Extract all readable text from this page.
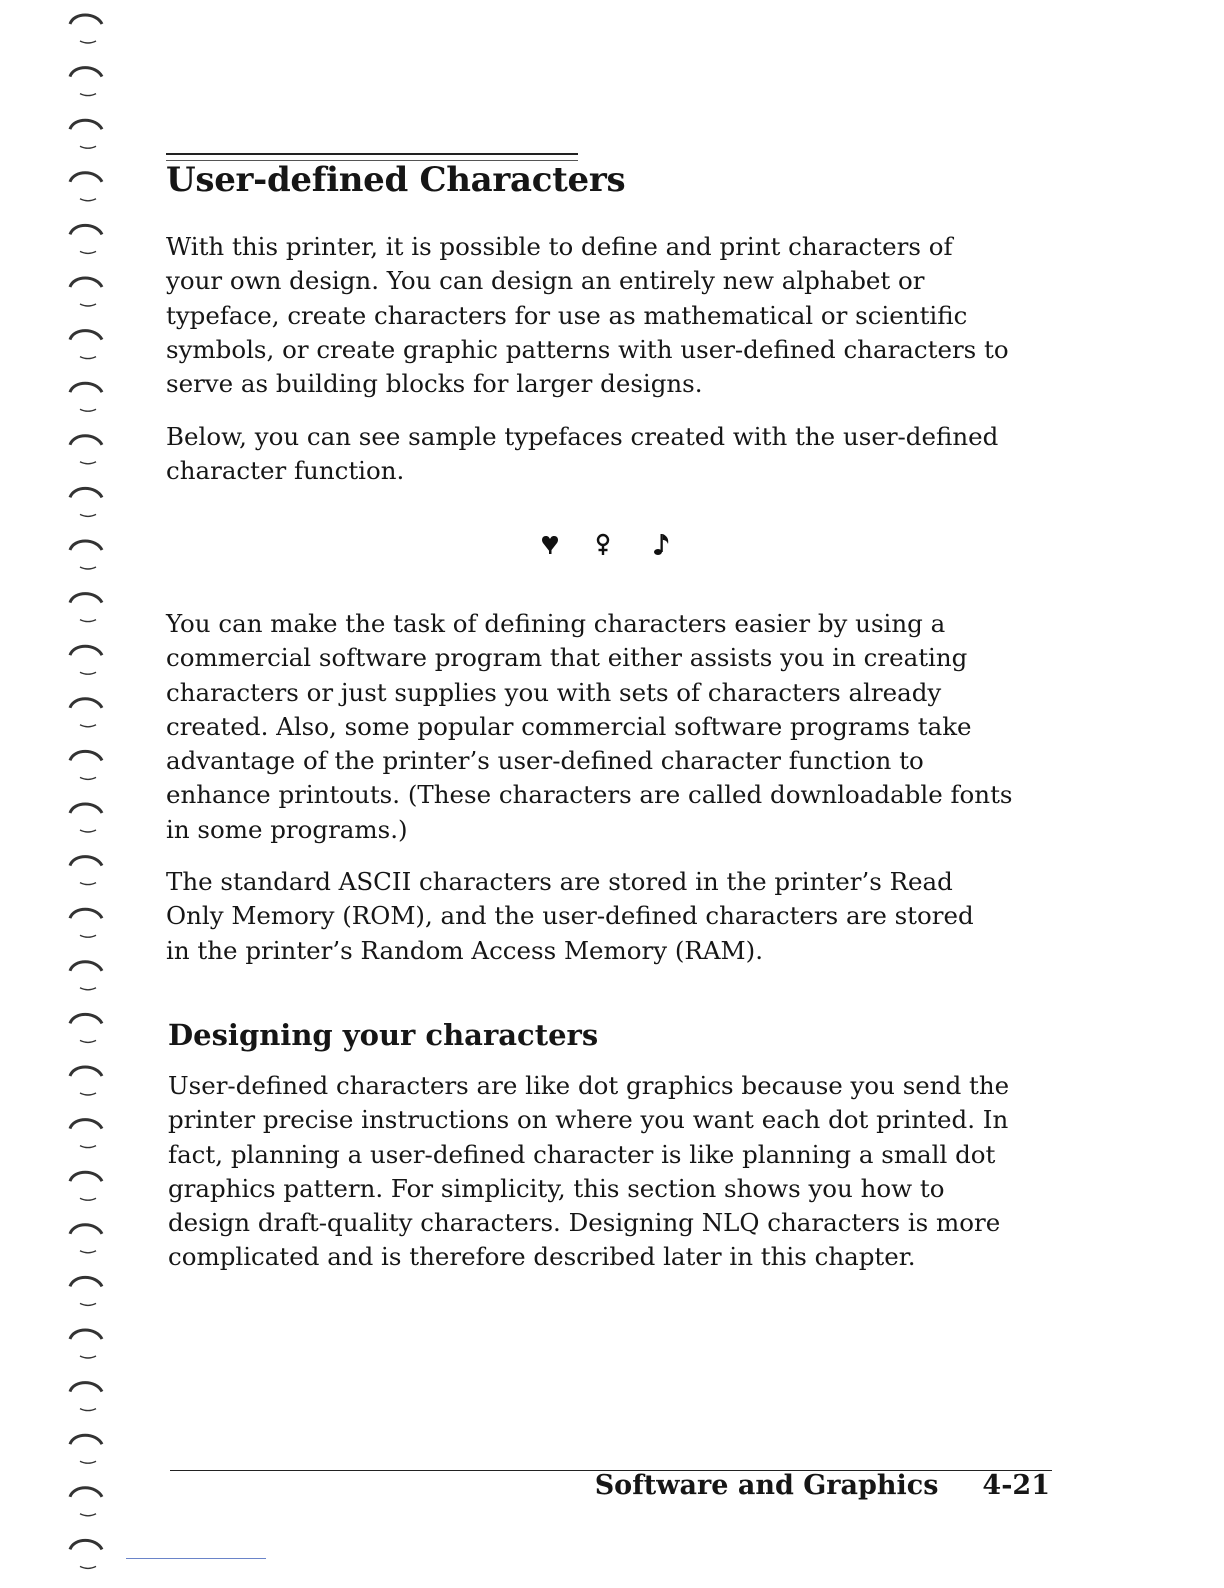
User-defined Characters

With this printer, it is possible to define and print characters of
your own design. You can design an entirely new alphabet or
typeface, create characters for use as mathematical or scientific
symbols, or create graphic patterns with user-defined characters to
serve as building blocks for larger designs.

Below, you can see sample typefaces created with the user-defined
character function.

You can make the task of defining characters easier by using a
commercial software program that either assists you in creating
characters or just supplies you with sets of characters already
created. Also, some popular commercial software programs take
advantage of the printer’s user-defined character function to
enhance printouts. (These characters are called downloadable fonts
in some programs.)

The standard ASCII characters are stored in the printer’s Read
Only Memory (ROM), and the user-defined characters are stored
in the printer’s Random Access Memory (RAM).

Designing your characters

User-defined characters are like dot graphics because you send the
printer precise instructions on where you want each dot printed. In
fact, planning a user-defined character is like planning a small dot
graphics pattern. For simplicity, this section shows you how to
design draft-quality characters. Designing NLQ characters is more
complicated and is therefore described later in this chapter.

Software and Graphics 4-21
